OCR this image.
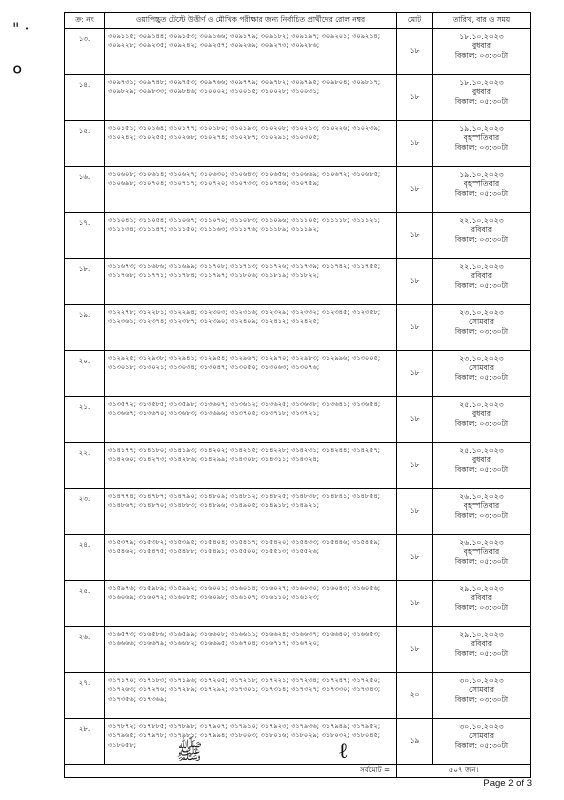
" ·
०
ক্র: নং	ওয়াপিচ্চুত টেস্টে উত্তীর্ণ ও মৌখিক পরীক্ষার জন্য নির্বাচিত প্রার্থীদের রোল নম্বর	মোট	তারিখ, বার ও সময়
১৩.	৩০৯১১৫; ৩০৯১৪৪; ৩০৯১৫৩; ৩০৯১৬৬; ৩০৯১৭৯; ৩০৯১৮২; ৩০৯১৯৭; ৩০৯২০১; ৩০৯২১৪; ৩০৯২২৮; ৩০৯২৩৫; ৩০৯২৪২; ৩০৯২৫৭; ৩০৯২৬৯; ৩০৯২৭৩; ৩০৯২৮৬;	১৮	১৮.১০.২০২৩
বুধবার
বিকাল: ০৩:৩০টা

১৪.	৩০৯৭৩১; ৩০৯৭৪৮; ৩০৯৭৫৩; ৩০৯৭৬৬; ৩০৯৭৭৯; ৩০৯৭৮২; ৩০৯৭৯৫; ৩০৯৮০৪; ৩০৯৮১৭; ৩০৯৮২৯; ৩০৯৮৩৩; ৩০৯৮৪৬; ৩১০০০২; ৩১০০১৫; ৩১০০২৮; ৩১০০৩১;	১৮	১৮.১০.২০২৩
বুধবার
বিকাল: ০৫:৩০টা

১৫.	৩১০১৫১; ৩১০১৬৪; ৩১০১৭৭; ৩১০১৮০; ৩১০১৯৩; ৩১০২০৮; ৩১০২১৩; ৩১০২২৬; ৩১০২৩৯; ৩১০২৪২; ৩১০২৫৫; ৩১০২৬৮; ৩১০২৭৪; ৩১০২৮৭; ৩১০২৯১; ৩১০৩০৫;	১৮	১৯.১০.২০২৩
বৃহস্পতিবার
বিকাল: ০৩:৩০টা

১৬.	৩১০৬০৮; ৩১০৬১৪; ৩১০৬২৭; ৩১০৬৩০; ৩১০৬৪৩; ৩১০৬৫৬; ৩১০৬৬৯; ৩১০৬৭২; ৩১০৬৮৫; ৩১০৬৯৮; ৩১০৭০৪; ৩১০৭১৭; ৩১০৭২০; ৩১০৭৩৩; ৩১০৭৪৬; ৩১০৭৫৯;	১৮	১৯.১০.২০২৩
বৃহস্পতিবার
বিকাল: ০৫:৩০টা

১৭.	৩১১০৪১; ৩১১০৫৪; ৩১১০৬৭; ৩১১০৭০; ৩১১০৮৩; ৩১১০৯৬; ৩১১১০৫; ৩১১১১৮; ৩১১১২১; ৩১১১৩৪; ৩১১১৪৭; ৩১১১৫০; ৩১১১৬৩; ৩১১১৭৬; ৩১১১৮৯; ৩১১১৯২;	১৮	২২.১০.২০২৩
রবিবার
বিকাল: ০৩:৩০টা

১৮.	৩১১৬৭৩; ৩১১৬৮৬; ৩১১৬৯৯; ৩১১৭০৮; ৩১১৭১৩; ৩১১৭২৬; ৩১১৭৩৯; ৩১১৭৪২; ৩১১৭৫৫; ৩১১৭৬৮; ৩১১৭৭১; ৩১১৭৮৪; ৩১১৭৯৭; ৩১১৮০৬; ৩১১৮১৯; ৩১১৮২২;	১৮	২২.১০.২০২৩
রবিবার
বিকাল: ০৫:৩০টা

১৯.	৩১২২৭৮; ৩১২২৮১; ৩১২২৯৪; ৩১২৩০৩; ৩১২৩১৬; ৩১২৩২৯; ৩১২৩৩২; ৩১২৩৪৫; ৩১২৩৫৮; ৩১২৩৬১; ৩১২৩৭৪; ৩১২৩৮৭; ৩১২৩৯০; ৩১২৪০৯; ৩১২৪১২; ৩১২৪২৫;	১৮	২৩.১০.২০২৩
সোমবার
বিকাল: ০৩:৩০টা

২০.	৩১২৯২৫; ৩১২৯৩৮; ৩১২৯৪১; ৩১২৯৫৪; ৩১২৯৬৭; ৩১২৯৭০; ৩১২৯৮৩; ৩১২৯৯৬; ৩১৩০০৫; ৩১৩০১৮; ৩১৩০২১; ৩১৩০৩৪; ৩১৩০৪৭; ৩১৩০৫০; ৩১৩০৬৩; ৩১৩০৭৬;	১৮	২৩.১০.২০২৩
সোমবার
বিকাল: ০৫:৩০টা

২১.	৩১৩৫৭২; ৩১৩৫৮৫; ৩১৩৫৯৮; ৩১৩৬০৭; ৩১৩৬১২; ৩১৩৬২৫; ৩১৩৬৩৮; ৩১৩৬৪১; ৩১৩৬৫৪; ৩১৩৬৬৭; ৩১৩৬৭০; ৩১৩৬৮৩; ৩১৩৬৯৬; ৩১৩৭০৫; ৩১৩৭১৮; ৩১৩৭২১;	১৮	২৫.১০.২০২৩
বুধবার
বিকাল: ০৩:৩০টা

২২.	৩১৪১৭৭; ৩১৪১৮০; ৩১৪১৯৩; ৩১৪২০২; ৩১৪২১৫; ৩১৪২২৮; ৩১৪২৩১; ৩১৪২৪৪; ৩১৪২৫৭; ৩১৪২৬০; ৩১৪২৭৩; ৩১৪২৮৬; ৩১৪২৯৯; ৩১৪৩০৮; ৩১৪৩১১; ৩১৪৩২৪;	১৮	২৫.১০.২০২৩
বুধবার
বিকাল: ০৫:৩০টা

২৩.	৩১৪৭৭৪; ৩১৪৭৮৭; ৩১৪৭৯০; ৩১৪৮০৯; ৩১৪৮১২; ৩১৪৮২৫; ৩১৪৮৩৮; ৩১৪৮৪১; ৩১৪৮৫৪; ৩১৪৮৬৭; ৩১৪৮৭০; ৩১৪৮৮৩; ৩১৪৮৯৬; ৩১৪৯০৫; ৩১৪৯১৮; ৩১৪৯২১;	১৮	২৬.১০.২০২৩
বৃহস্পতিবার
বিকাল: ০৩:৩০টা

২৪.	৩১৫৩৭৯; ৩১৫৩৮২; ৩১৫৩৯৫; ৩১৫৪০৪; ৩১৫৪১৭; ৩১৫৪২০; ৩১৫৪৩৩; ৩১৫৪৪৬; ৩১৫৪৫৯; ৩১৫৪৬২; ৩১৫৪৭৫; ৩১৫৪৮৮; ৩১৫৪৯১; ৩১৫৫০০; ৩১৫৫১৩; ৩১৫৫২৬;	১৮	২৬.১০.২০২৩
বৃহস্পতিবার
বিকাল: ০৫:৩০টা

২৫.	৩১৫৯৭৬; ৩১৫৯৮৯; ৩১৫৯৯২; ৩১৬০০১; ৩১৬০১৪; ৩১৬০২৭; ৩১৬০৩০; ৩১৬০৪৩; ৩১৬০৫৬; ৩১৬০৬৯; ৩১৬০৭২; ৩১৬০৮৫; ৩১৬০৯৮; ৩১৬১০৭; ৩১৬১১০; ৩১৬১২৩;	১৮	২৯.১০.২০২৩
রবিবার
বিকাল: ০৩:৩০টা

২৬.	৩১৬৫৭৩; ৩১৬৫৮৬; ৩১৬৫৯৯; ৩১৬৬০৮; ৩১৬৬১১; ৩১৬৬২৪; ৩১৬৬৩৭; ৩১৬৬৪০; ৩১৬৬৫৩; ৩১৬৬৬৬; ৩১৬৬৭৯; ৩১৬৬৮২; ৩১৬৬৯৫; ৩১৬৭০৪; ৩১৬৭১৭; ৩১৬৭২০;	১৮	২৯.১০.২০২৩
রবিবার
বিকাল: ০৫:৩০টা

২৭.	৩১৭১৭০; ৩১৭১৮৩; ৩১৭১৯৬; ৩১৭২০৫; ৩১৭২১৮; ৩১৭২২১; ৩১৭২৩৪; ৩১৭২৪৭; ৩১৭২৫০; ৩১৭২৬৩; ৩১৭২৭৬; ৩১৭২৮৯; ৩১৭২৯২; ৩১৭৩০১; ৩১৭৩১৪; ৩১৭৩২৭; ৩১৭৩৩০; ৩১৭৩৪৩; ৩১৭৩৫৬; ৩১৭৩৬৯;	২০	৩০.১০.২০২৩
সোমবার
বিকাল: ০৩:৩০টা

২৮.	৩১৭৮৭২; ৩১৭৮৮৫; ৩১৭৮৯৮; ৩১৭৯০৭; ৩১৭৯১০; ৩১৭৯২৩; ৩১৭৯৩৬; ৩১৭৯৪৯; ৩১৭৯৫২; ৩১৭৯৬৫; ৩১৭৯৭৮; ৩১৭৯৮১; ৩১৭৯৯৪; ৩১৮০০৩; ৩১৮০১৬; ৩১৮০২৯; ৩১৮০৩২; ৩১৮০৪৫; ৩১৮০৫৮;	১৯	৩০.১০.২০২৩
সোমবার
বিকাল: ০৫:৩০টা

সর্বমোট =		৫০৭ জন।	
ﷺ	ℓ
Page 2 of 3
